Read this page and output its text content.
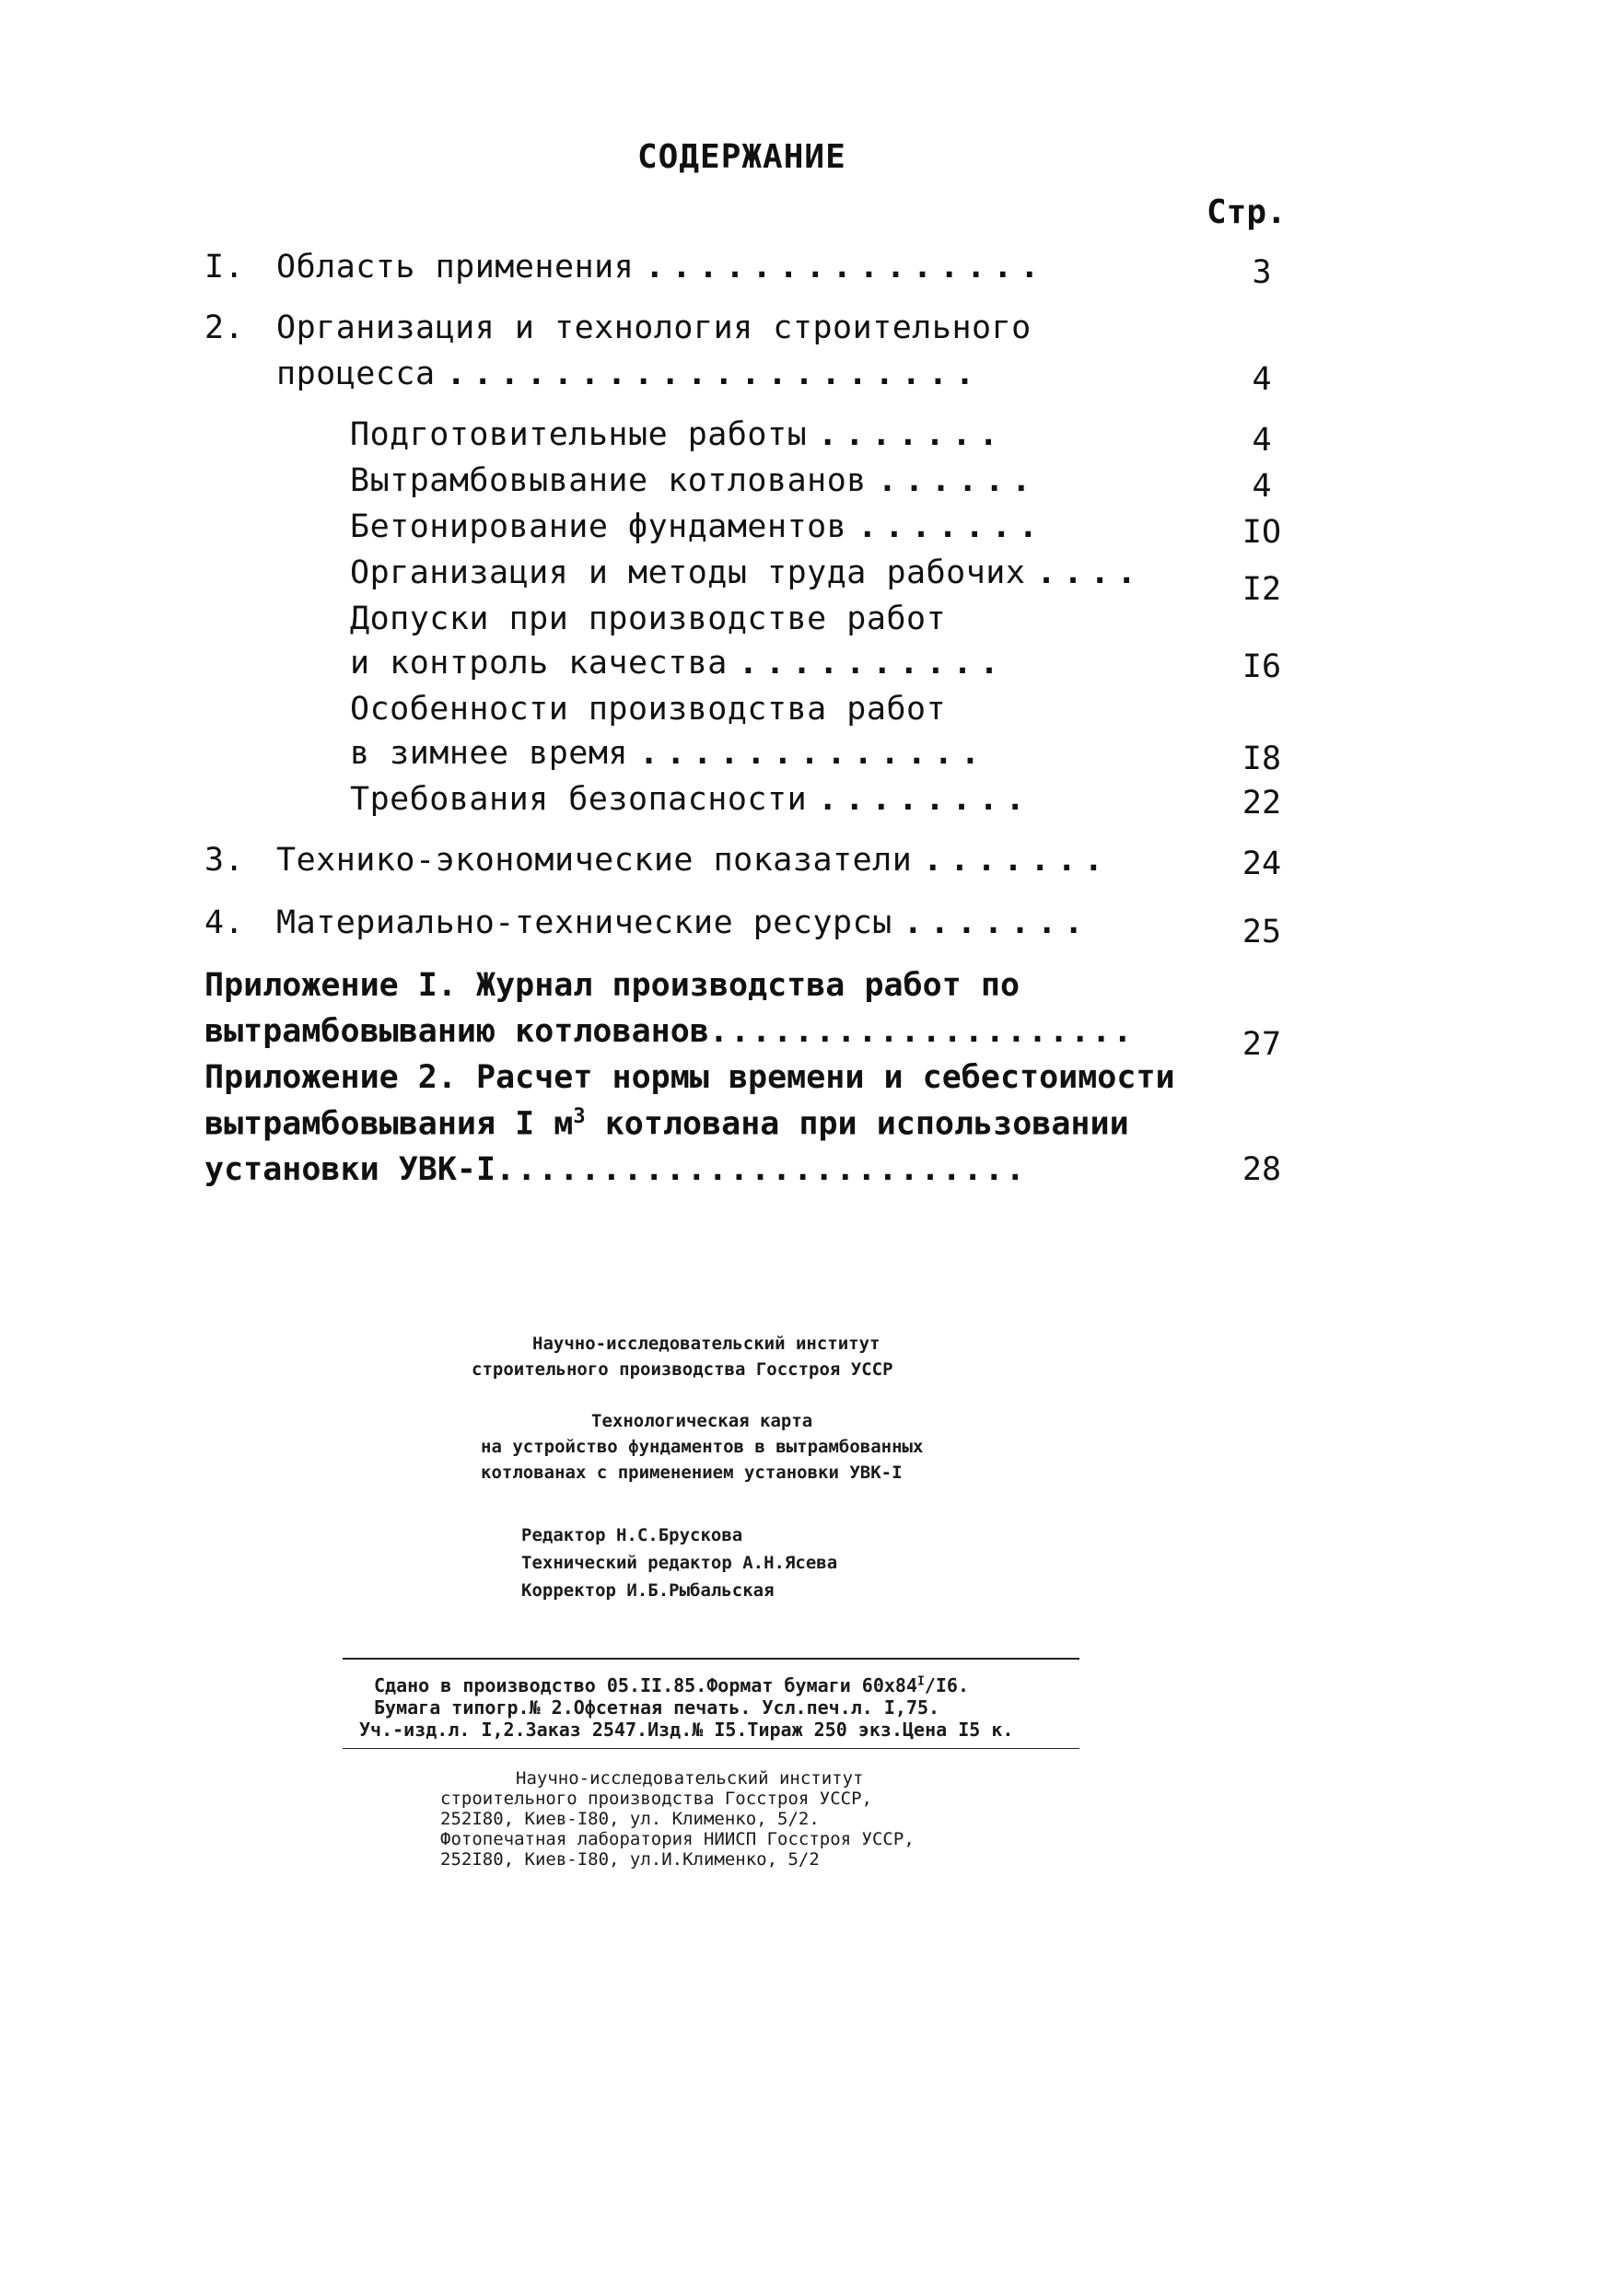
СОДЕРЖАНИЕ
Стр.
I. Область применения ...............	3
2. Организация и технология строительного
процесса ....................	4
Подготовительные работы .......	4
Вытрамбовывание котлованов ......	4
Бетонирование фундаментов .......	IO
Организация и методы труда рабочих ....	I2
Допуски при производстве работ
и контроль качества ..........	I6
Особенности производства работ
в зимнее время .............	I8
Требования безопасности ........	22
3. Технико-экономические показатели .......	24
4. Материально-технические ресурсы .......	25
Приложение I. Журнал производства работ по
вытрамбовыванию котлованов....................	27
Приложение 2. Расчет нормы времени и себестоимости
вытрамбовывания I $м^3$ котлована при использовании
установки УВК-I.........................	28
Научно-исследовательский институт
строительного производства Госстроя УССР
Технологическая карта
на устройство фундаментов в вытрамбованных
котлованах с применением установки УВК-I
Редактор Н.С.Брускова
Технический редактор А.Н.Ясева
Корректор И.Б.Рыбальская
Сдано в производство 05.II.85.Формат бумаги $60x84^I/I6$.
Бумага типогр.№ 2.Офсетная печать. Усл.печ.л. I,75.
Уч.-изд.л. I,2.Заказ 2547.Изд.№ I5.Тираж 250 экз.Цена I5 к.
Научно-исследовательский институт
строительного производства Госстроя УССР,
252I80, Киев-I80, ул. Клименко, 5/2.
Фотопечатная лаборатория НИИСП Госстроя УССР,
252I80, Киев-I80, ул.И.Клименко, 5/2
